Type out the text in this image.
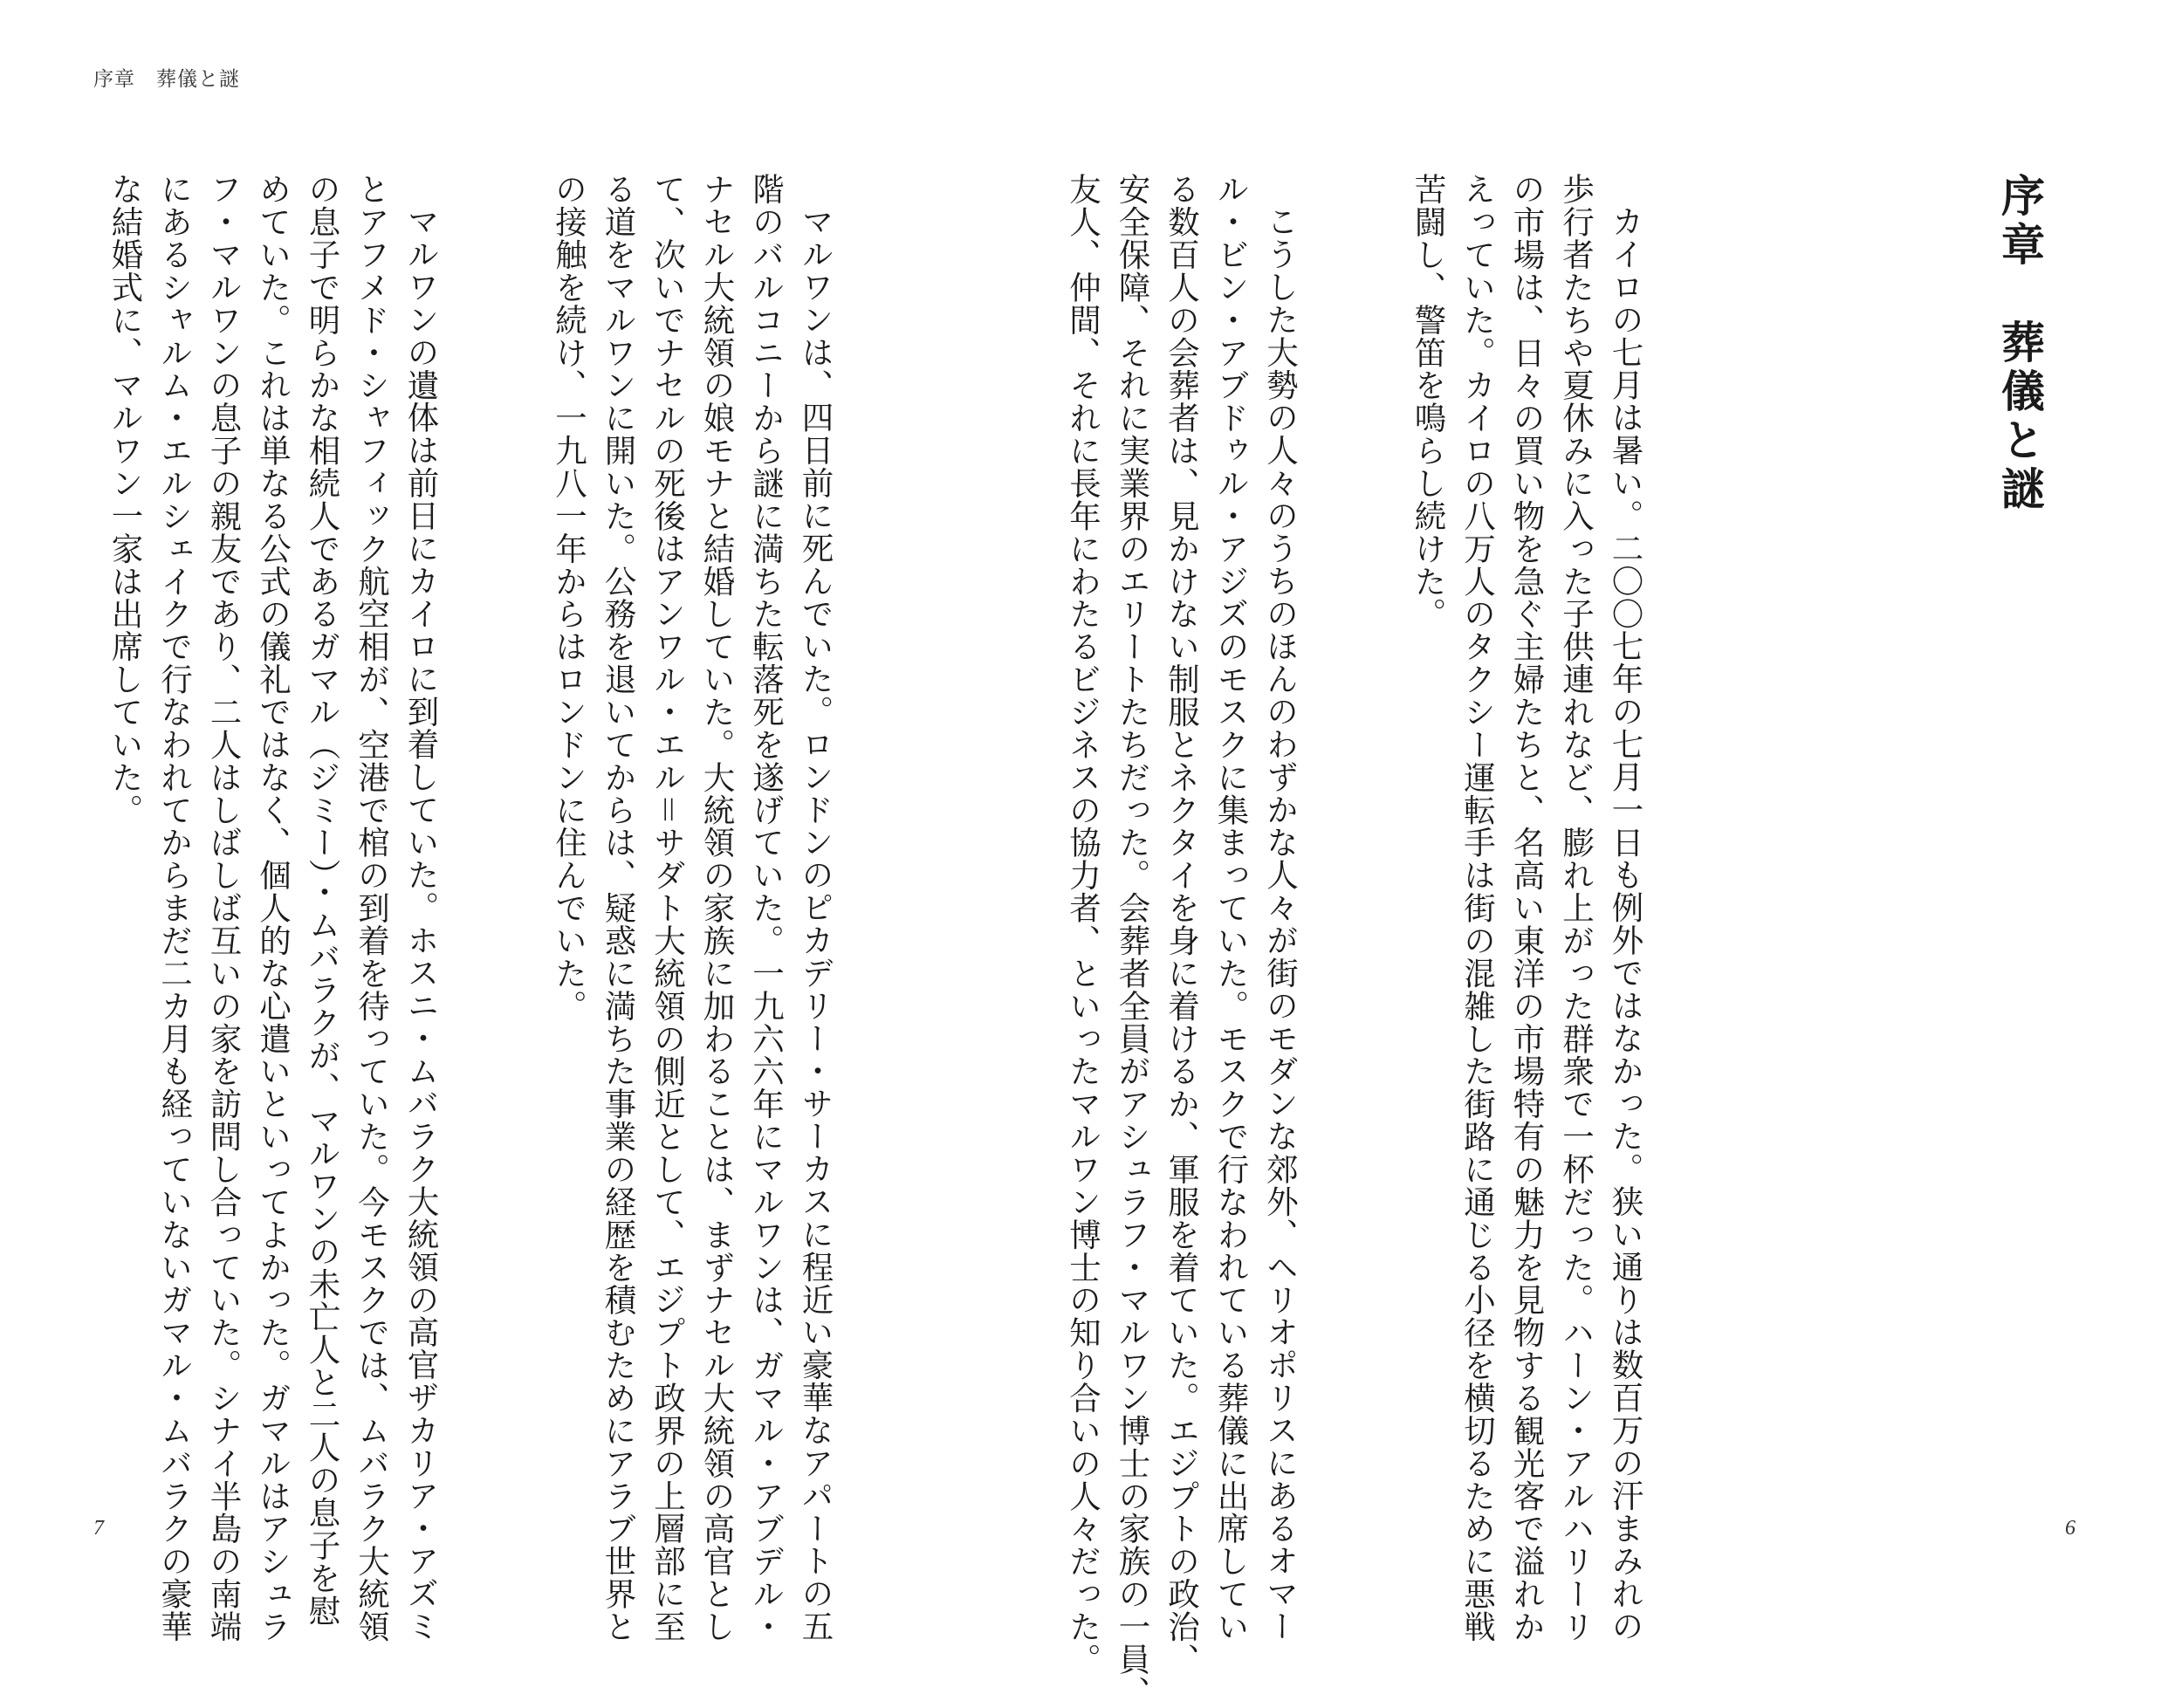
序章　葬儀と謎
序章　葬儀と謎

カイロの七月は暑い。二〇〇七年の七月一日も例外ではなかった。狭い通りは数百万の汗まみれの
歩行者たちや夏休みに入った子供連れなど、膨れ上がった群衆で一杯だった。ハーン・アルハリーリ
の市場は、日々の買い物を急ぐ主婦たちと、名高い東洋の市場特有の魅力を見物する観光客で溢れか
えっていた。カイロの八万人のタクシー運転手は街の混雑した街路に通じる小径を横切るために悪戦
苦闘し、警笛を鳴らし続けた。

こうした大勢の人々のうちのほんのわずかな人々が街のモダンな郊外、ヘリオポリスにあるオマー
ル・ビン・アブドゥル・アジズのモスクに集まっていた。モスクで行なわれている葬儀に出席してい
る数百人の会葬者は、見かけない制服とネクタイを身に着けるか、軍服を着ていた。エジプトの政治、
安全保障、それに実業界のエリートたちだった。会葬者全員がアシュラフ・マルワン博士の家族の一員、
友人、仲間、それに長年にわたるビジネスの協力者、といったマルワン博士の知り合いの人々だった。

マルワンは、四日前に死んでいた。ロンドンのピカデリー・サーカスに程近い豪華なアパートの五
階のバルコニーから謎に満ちた転落死を遂げていた。一九六六年にマルワンは、ガマル・アブデル・
ナセル大統領の娘モナと結婚していた。大統領の家族に加わることは、まずナセル大統領の高官とし
て、次いでナセルの死後はアンワル・エル＝サダト大統領の側近として、エジプト政界の上層部に至
る道をマルワンに開いた。公務を退いてからは、疑惑に満ちた事業の経歴を積むためにアラブ世界と
の接触を続け、一九八一年からはロンドンに住んでいた。

マルワンの遺体は前日にカイロに到着していた。ホスニ・ムバラク大統領の高官ザカリア・アズミ
とアフメド・シャフィック航空相が、空港で棺の到着を待っていた。今モスクでは、ムバラク大統領
の息子で明らかな相続人であるガマル（ジミー）・ムバラクが、マルワンの未亡人と二人の息子を慰
めていた。これは単なる公式の儀礼ではなく、個人的な心遣いといってよかった。ガマルはアシュラ
フ・マルワンの息子の親友であり、二人はしばしば互いの家を訪問し合っていた。シナイ半島の南端
にあるシャルム・エルシェイクで行なわれてからまだ二カ月も経っていないガマル・ムバラクの豪華
な結婚式に、マルワン一家は出席していた。

7	6
